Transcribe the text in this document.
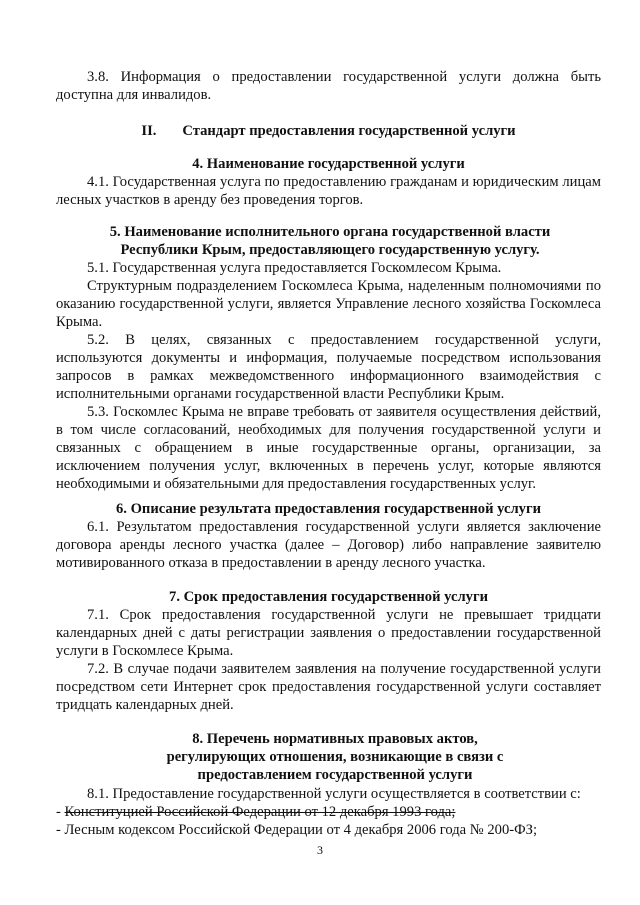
3.8. Информация о предоставлении государственной услуги должна быть доступна для инвалидов.

II. Стандарт предоставления государственной услуги

4. Наименование государственной услуги

4.1. Государственная услуга по предоставлению гражданам и юридическим лицам лесных участков в аренду без проведения торгов.

5. Наименование исполнительного органа государственной власти Республики Крым, предоставляющего государственную услугу.

5.1. Государственная услуга предоставляется Госкомлесом Крыма.

Структурным подразделением Госкомлеса Крыма, наделенным полномочиями по оказанию государственной услуги, является Управление лесного хозяйства Госкомлеса Крыма.

5.2. В целях, связанных с предоставлением государственной услуги, используются документы и информация, получаемые посредством использования запросов в рамках межведомственного информационного взаимодействия с исполнительными органами государственной власти Республики Крым.

5.3. Госкомлес Крыма не вправе требовать от заявителя осуществления действий, в том числе согласований, необходимых для получения государственной услуги и связанных с обращением в иные государственные органы, организации, за исключением получения услуг, включенных в перечень услуг, которые являются необходимыми и обязательными для предоставления государственных услуг.

6. Описание результата предоставления государственной услуги

6.1. Результатом предоставления государственной услуги является заключение договора аренды лесного участка (далее – Договор) либо направление заявителю мотивированного отказа в предоставлении в аренду лесного участка.

7. Срок предоставления государственной услуги

7.1. Срок предоставления государственной услуги не превышает тридцати календарных дней с даты регистрации заявления о предоставлении государственной услуги в Госкомлесе Крыма.

7.2. В случае подачи заявителем заявления на получение государственной услуги посредством сети Интернет срок предоставления государственной услуги составляет тридцать календарных дней.

8. Перечень нормативных правовых актов, регулирующих отношения, возникающие в связи с предоставлением государственной услуги

8.1. Предоставление государственной услуги осуществляется в соответствии с:

- Конституцией Российской Федерации от 12 декабря 1993 года;

- Лесным кодексом Российской Федерации от 4 декабря 2006 года № 200-ФЗ;

3
